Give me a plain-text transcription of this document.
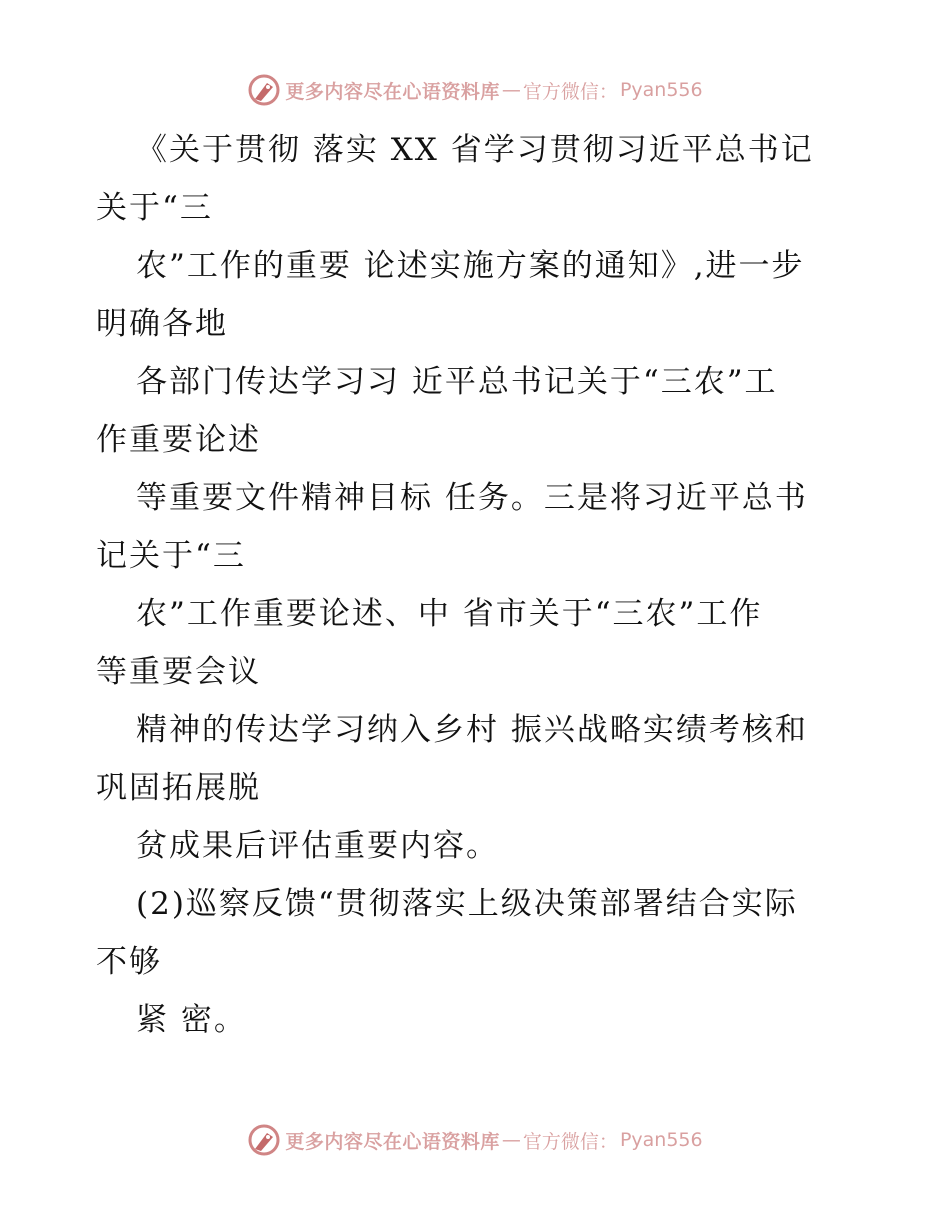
更多内容尽在心语资料库 — 官方微信： Pyan556
《关于贯彻 落实 XX 省学习贯彻习近平总书记
关于“三
农”工作的重要 论述实施方案的通知》,进一步
明确各地
各部门传达学习习 近平总书记关于“三农”工
作重要论述
等重要文件精神目标 任务。三是将习近平总书
记关于“三
农”工作重要论述、中 省市关于“三农”工作
等重要会议
精神的传达学习纳入乡村 振兴战略实绩考核和
巩固拓展脱
贫成果后评估重要内容。
(2)巡察反馈“贯彻落实上级决策部署结合实际
不够
紧 密。
更多内容尽在心语资料库 — 官方微信： Pyan556
